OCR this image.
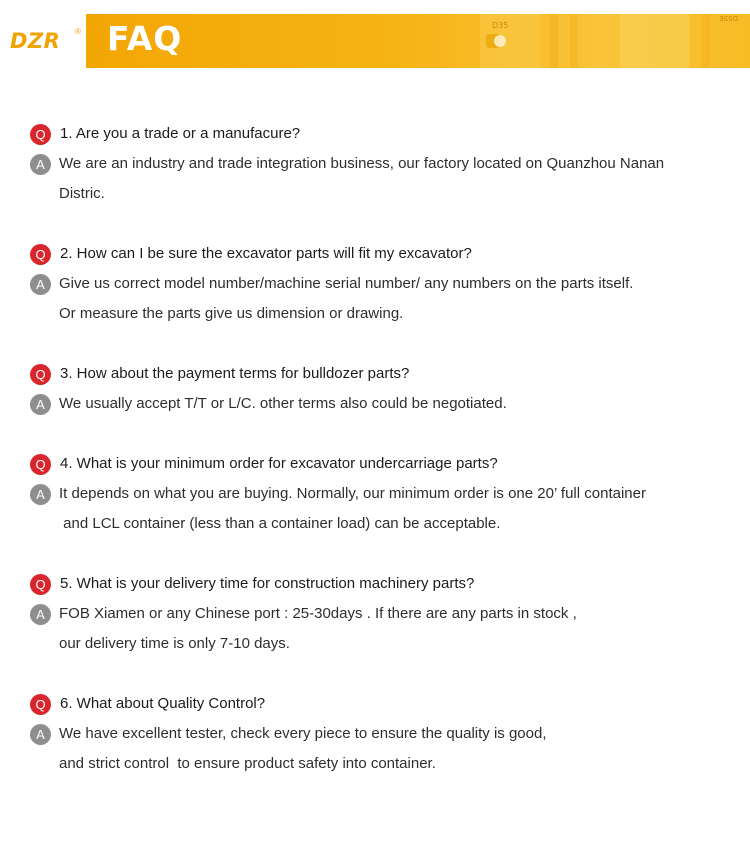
DZR ® FAQ	D35
D55E
Q 1. Are you a trade or a manufacure?
A We are an industry and trade integration business, our factory located on Quanzhou Nanan
Distric.
Q 2. How can I be sure the excavator parts will fit my excavator?
A Give us correct model number/machine serial number/ any numbers on the parts itself.
Or measure the parts give us dimension or drawing.
Q 3. How about the payment terms for bulldozer parts?
A We usually accept T/T or L/C. other terms also could be negotiated.
Q 4. What is your minimum order for excavator undercarriage parts?
A It depends on what you are buying. Normally, our minimum order is one 20’ full container
and LCL container (less than a container load) can be acceptable.
Q 5. What is your delivery time for construction machinery parts?
A FOB Xiamen or any Chinese port : 25-30days . If there are any parts in stock ,
our delivery time is only 7-10 days.
Q 6. What about Quality Control?
A We have excellent tester, check every piece to ensure the quality is good,
and strict control  to ensure product safety into container.
